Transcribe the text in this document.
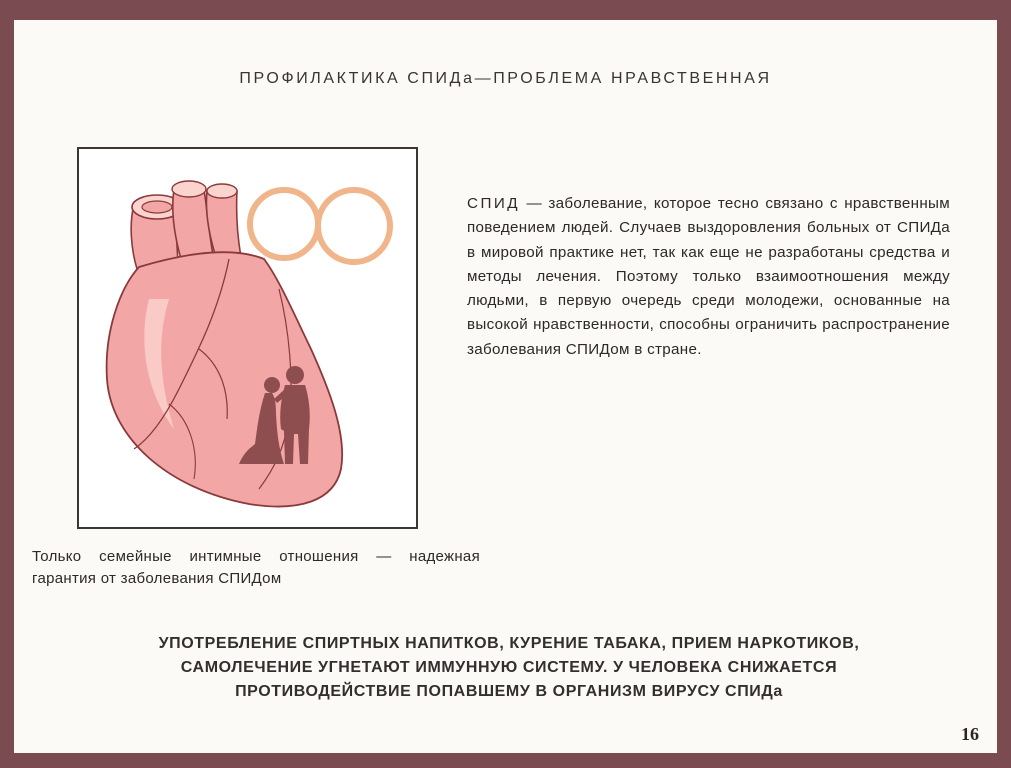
ПРОФИЛАКТИКА СПИДа—ПРОБЛЕМА НРАВСТВЕННАЯ
СПИД — заболевание, которое тесно связано с нравственным поведением людей. Случаев выздоровления больных от СПИДа в мировой практике нет, так как еще не разработаны средства и методы лечения. Поэтому только взаимоотношения между людьми, в первую очередь среди молодежи, основанные на высокой нравственности, способны ограничить распространение заболевания СПИДом в стране.
Только семейные интимные отношения — надежная гарантия от заболевания СПИДом
УПОТРЕБЛЕНИЕ СПИРТНЫХ НАПИТКОВ, КУРЕНИЕ ТАБАКА, ПРИЕМ НАРКОТИКОВ,
САМОЛЕЧЕНИЕ УГНЕТАЮТ ИММУННУЮ СИСТЕМУ. У ЧЕЛОВЕКА СНИЖАЕТСЯ
ПРОТИВОДЕЙСТВИЕ ПОПАВШЕМУ В ОРГАНИЗМ ВИРУСУ СПИДа
16
